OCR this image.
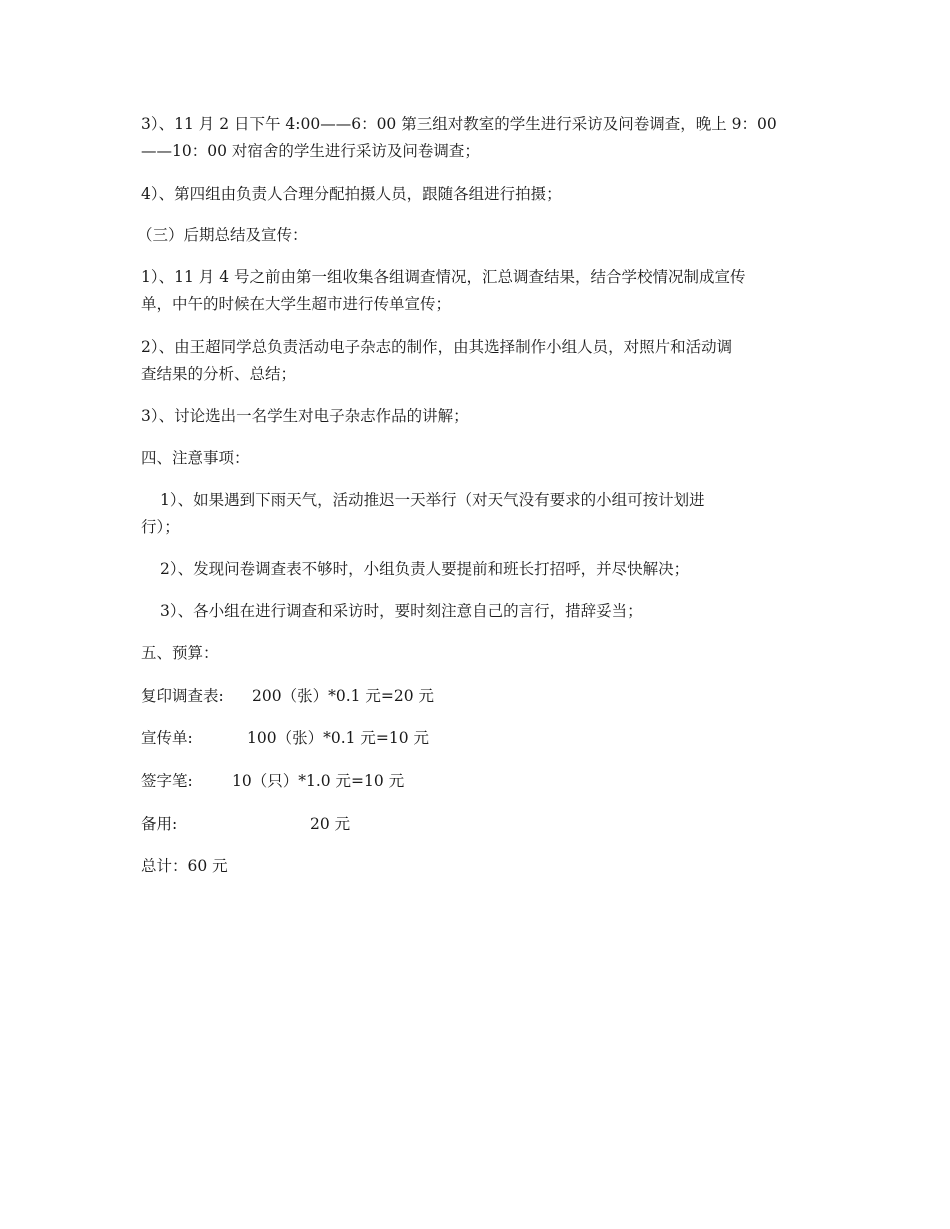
3）、11 月 2 日下午 4:00——6：00 第三组对教室的学生进行采访及问卷调查，晚上 9：00

——10：00 对宿舍的学生进行采访及问卷调查；

4）、第四组由负责人合理分配拍摄人员，跟随各组进行拍摄；

（三）后期总结及宣传：

1）、11 月 4 号之前由第一组收集各组调查情况，汇总调查结果，结合学校情况制成宣传

单，中午的时候在大学生超市进行传单宣传；

2）、由王超同学总负责活动电子杂志的制作，由其选择制作小组人员，对照片和活动调

查结果的分析、总结；

3）、讨论选出一名学生对电子杂志作品的讲解；

四、注意事项：

1）、如果遇到下雨天气，活动推迟一天举行（对天气没有要求的小组可按计划进

行）；

2）、发现问卷调查表不够时，小组负责人要提前和班长打招呼，并尽快解决；

3）、各小组在进行调查和采访时，要时刻注意自己的言行，措辞妥当；

五、预算：

复印调查表: 200（张）*0.1 元=20 元
宣传单:	100（张）*0.1 元=10 元
签字笔:	10（只）*1.0 元=10 元
备用:	20 元

总计：60 元
